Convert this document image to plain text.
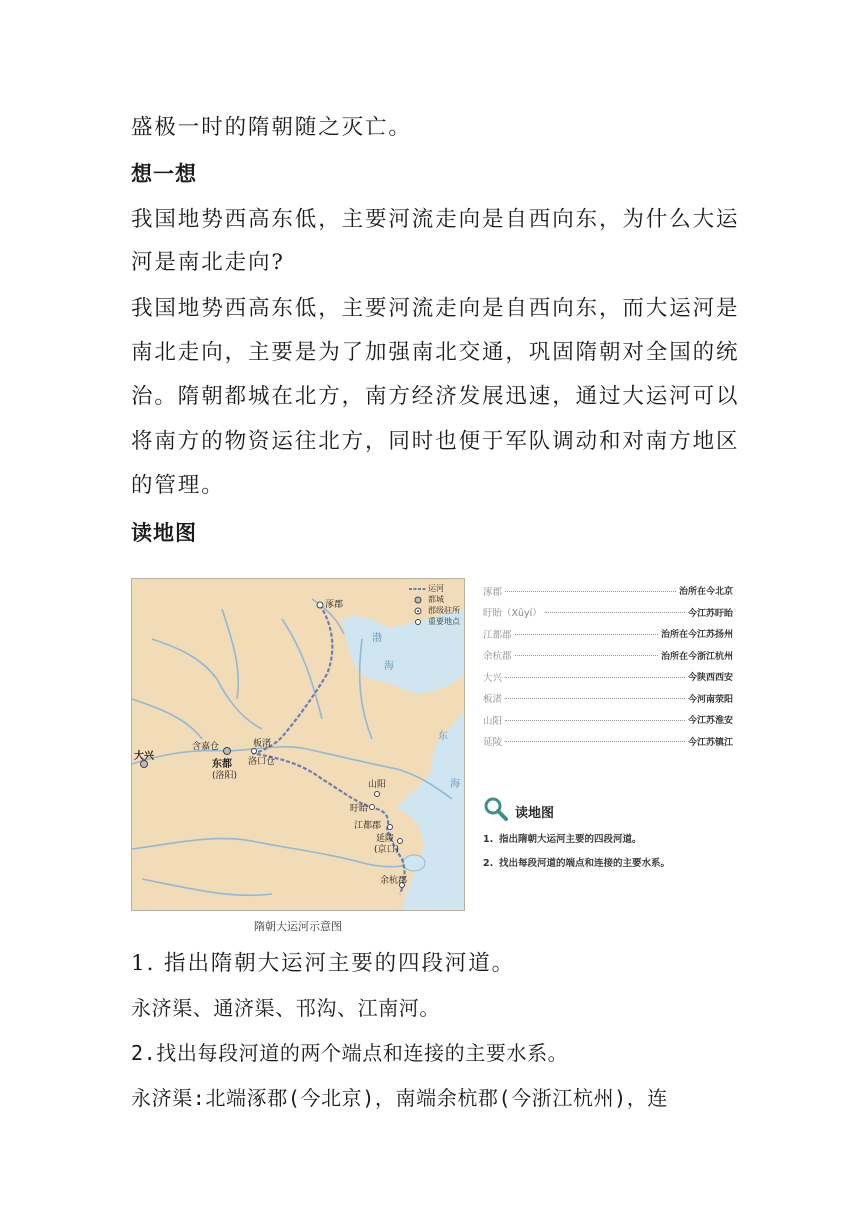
盛极一时的隋朝随之灭亡。
想一想
我国地势西高东低，主要河流走向是自西向东，为什么大运
河是南北走向?
我国地势西高东低，主要河流走向是自西向东，而大运河是
南北走向，主要是为了加强南北交通，巩固隋朝对全国的统
治。隋朝都城在北方，南方经济发展迅速，通过大运河可以
将南方的物资运往北方，同时也便于军队调动和对南方地区
的管理。
读地图
涿郡
大兴
含嘉仓
东都
(洛阳)
板渚
洛口仓
山阳
盱眙
江都郡
延陵
(京口)
余杭郡
渤
海
东
海
运河
都城
郡级驻所
重要地点
隋朝大运河示意图
涿郡	治所在今北京
盱眙（Xūyí）	今江苏盱眙
江都郡	治所在今江苏扬州
余杭郡	治所在今浙江杭州
大兴	今陕西西安
板渚	今河南荥阳
山阳	今江苏淮安
延陵	今江苏镇江
读地图
1. 指出隋朝大运河主要的四段河道。
2. 找出每段河道的端点和连接的主要水系。
1. 指出隋朝大运河主要的四段河道。
永济渠、通济渠、邗沟、江南河。
2.找出每段河道的两个端点和连接的主要水系。
永济渠:北端涿郡(今北京)，南端余杭郡(今浙江杭州)，连
